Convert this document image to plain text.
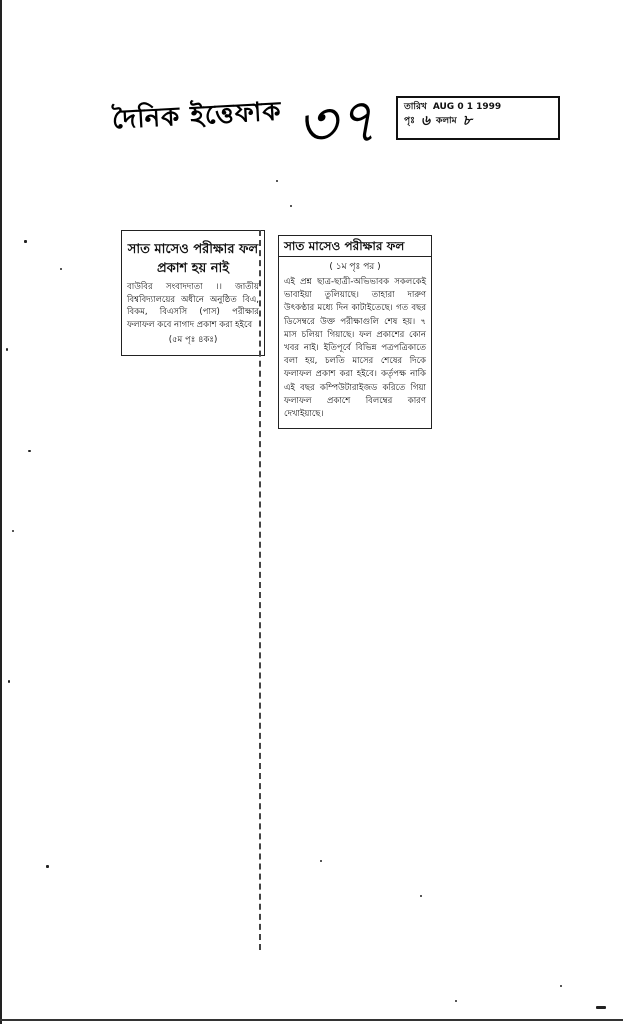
দৈনিক ইত্তেফাক ৩৭	তারিখ AUG 0 1 1999
পৃঃ ৬ কলাম ৮
সাত মাসেও পরীক্ষার ফল
প্রকাশ হয় নাই
বাউবির সংবাদদাতা ।। জাতীয় বিশ্ববিদ্যালয়ের অধীনে অনুষ্ঠিত বিএ, বিকম, বিএসসি (পাস) পরীক্ষার ফলাফল কবে নাগাদ প্রকাশ করা হইবে
(৫ম পৃঃ ৪কঃ)
সাত মাসেও পরীক্ষার ফল
( ১ম পৃঃ পর )
এই প্রশ্ন ছাত্র-ছাত্রী-অভিভাবক সকলকেই ভাবাইয়া তুলিয়াছে। তাহারা দারুণ উৎকণ্ঠার মধ্যে দিন কাটাইতেছে। গত বছর ডিসেম্বরে উক্ত পরীক্ষাগুলি শেষ হয়। ৭ মাস চলিয়া গিয়াছে। ফল প্রকাশের কোন খবর নাই। ইতিপূর্বে বিভিন্ন পত্রপত্রিকাতে বলা হয়, চলতি মাসের শেষের দিকে ফলাফল প্রকাশ করা হইবে। কর্তৃপক্ষ নাকি এই বছর কম্পিউটারাইজড করিতে গিয়া ফলাফল প্রকাশে বিলম্বের কারণ দেখাইয়াছে।
